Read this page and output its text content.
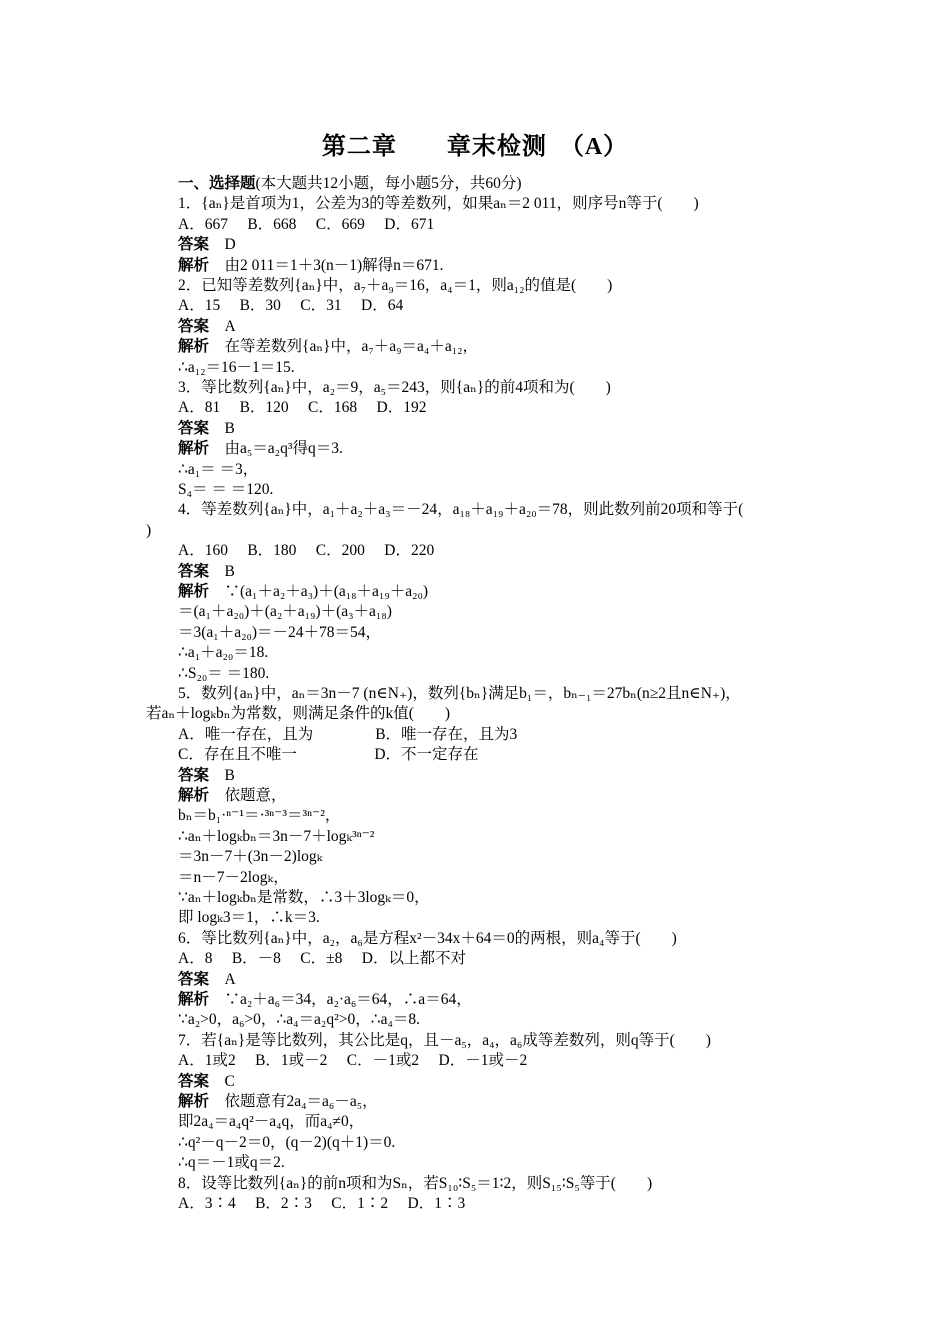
第二章　　章末检测　（A）
一、选择题(本大题共12小题，每小题5分，共60分)
1．{aₙ}是首项为1，公差为3的等差数列，如果aₙ＝2 011，则序号n等于(　　)
A．667　 B．668　 C．669　 D．671
答案　D
解析　由2 011＝1＋3(n－1)解得n＝671.
2．已知等差数列{aₙ}中，a₇＋a₉＝16，a₄＝1，则a₁₂的值是(　　)
A．15　 B．30　 C．31　 D．64
答案　A
解析　在等差数列{aₙ}中，a₇＋a₉＝a₄＋a₁₂，
∴a₁₂＝16－1＝15.
3．等比数列{aₙ}中，a₂＝9，a₅＝243，则{aₙ}的前4项和为(　　)
A．81　 B．120　 C．168　 D．192
答案　B
解析　由a₅＝a₂q³得q＝3.
∴a₁＝ ＝3，
S₄＝ ＝ ＝120.
4．等差数列{aₙ}中，a₁＋a₂＋a₃＝－24，a₁₈＋a₁₉＋a₂₀＝78，则此数列前20项和等于(
)
A．160　 B．180　 C．200　 D．220
答案　B
解析　∵(a₁＋a₂＋a₃)＋(a₁₈＋a₁₉＋a₂₀)
＝(a₁＋a₂₀)＋(a₂＋a₁₉)＋(a₃＋a₁₈)
＝3(a₁＋a₂₀)＝－24＋78＝54，
∴a₁＋a₂₀＝18.
∴S₂₀＝ ＝180.
5．数列{aₙ}中，aₙ＝3n－7 (n∈N₊)，数列{bₙ}满足b₁＝，bₙ₋₁＝27bₙ(n≥2且n∈N₊)，
若aₙ＋logₖbₙ为常数，则满足条件的k值(　　)
A．唯一存在，且为　　　　B．唯一存在，且为3
C．存在且不唯一　　　　　D．不一定存在
答案　B
解析　依题意，
bₙ＝b₁·ⁿ⁻¹＝·³ⁿ⁻³＝³ⁿ⁻²，
∴aₙ＋logₖbₙ＝3n－7＋logₖ³ⁿ⁻²
＝3n－7＋(3n－2)logₖ
＝n－7－2logₖ，
∵aₙ＋logₖbₙ是常数，∴3＋3logₖ＝0，
即 logₖ3＝1，∴k＝3.
6．等比数列{aₙ}中，a₂，a₆是方程x²－34x＋64＝0的两根，则a₄等于(　　)
A．8　 B．－8　 C．±8　 D．以上都不对
答案　A
解析　∵a₂＋a₆＝34，a₂·a₆＝64，∴a＝64，
∵a₂>0，a₆>0，∴a₄＝a₂q²>0，∴a₄＝8.
7．若{aₙ}是等比数列，其公比是q，且－a₅，a₄，a₆成等差数列，则q等于(　　)
A．1或2　 B．1或－2　 C．－1或2　 D．－1或－2
答案　C
解析　依题意有2a₄＝a₆－a₅，
即2a₄＝a₄q²－a₄q，而a₄≠0，
∴q²－q－2＝0，(q－2)(q＋1)＝0.
∴q＝－1或q＝2.
8．设等比数列{aₙ}的前n项和为Sₙ，若S₁₀∶S₅＝1∶2，则S₁₅∶S₅等于(　　)
A．3∶4　 B．2∶3　 C．1∶2　 D．1∶3
